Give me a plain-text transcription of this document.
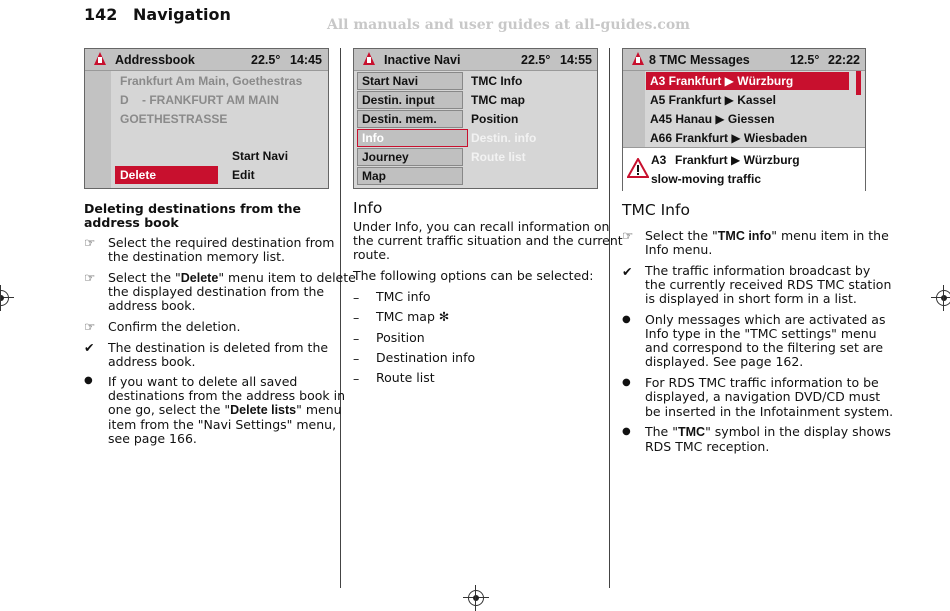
142 Navigation
All manuals and user guides at all-guides.com
Addressbook	22.5° 14:45
Frankfurt Am Main, Goethestras
D    - FRANKFURT AM MAIN
GOETHESTRASSE
Start Navi
Delete	Edit
Inactive Navi	22.5° 14:55
Start Navi
Destin. input
Destin. mem.
Info
Journey
Map
TMC Info
TMC map
Position
Destin. info
Route list
8 TMC Messages	12.5° 22:22
A3 Frankfurt ▶ Würzburg
A5 Frankfurt ▶ Kassel
A45 Hanau ▶ Giessen
A66 Frankfurt ▶ Wiesbaden
A3 Frankfurt ▶ Würzburg
slow-moving traffic
Deleting destinations from the
address book
☞ Select the required destination from
the destination memory list.
☞ Select the "Delete" menu item to delete
the displayed destination from the
address book.
☞ Confirm the deletion.
✔ The destination is deleted from the
address book.
● If you want to delete all saved
destinations from the address book in
one go, select the "Delete lists" menu
item from the "Navi Settings" menu,
see page 166.
Info
Under Info, you can recall information on
the current traffic situation and the current
route.
The following options can be selected:
– TMC info
– TMC map ✻
– Position
– Destination info
– Route list
TMC Info
☞ Select the "TMC info" menu item in the
Info menu.
✔ The traffic information broadcast by
the currently received RDS TMC station
is displayed in short form in a list.
● Only messages which are activated as
Info type in the "TMC settings" menu
and correspond to the filtering set are
displayed. See page 162.
● For RDS TMC traffic information to be
displayed, a navigation DVD/CD must
be inserted in the Infotainment system.
● The "TMC" symbol in the display shows
RDS TMC reception.
